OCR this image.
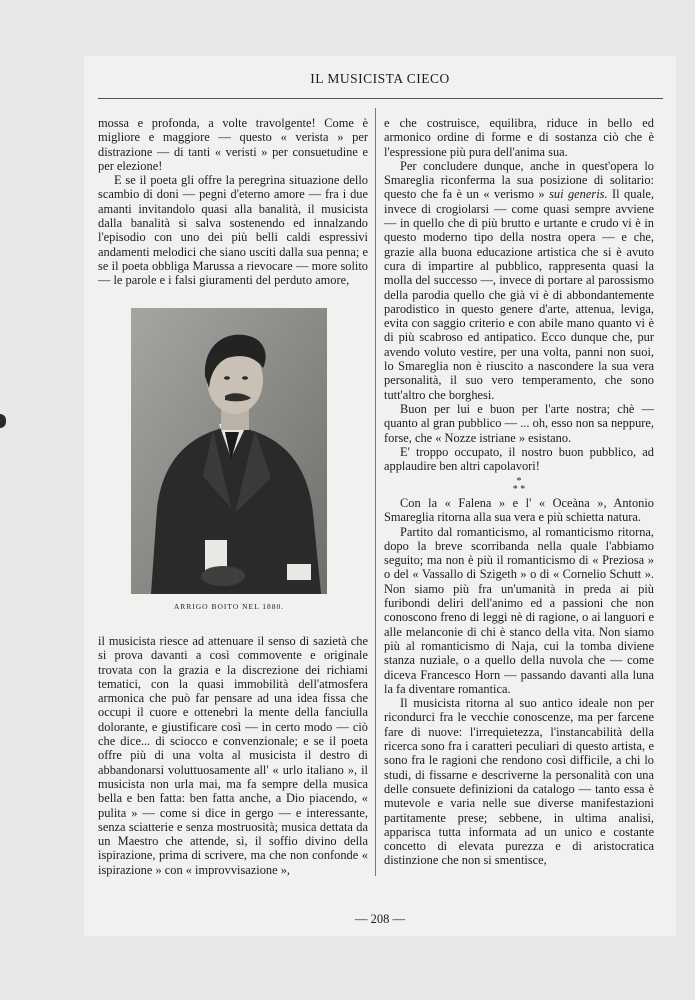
IL MUSICISTA CIECO

mossa e profonda, a volte travolgente! Come è migliore e maggiore — questo « verista » per distrazione — di tanti « veristi » per consuetudine e per elezione!

E se il poeta gli offre la peregrina situazione dello scambio di doni — pegni d'eterno amore — fra i due amanti invitandolo quasi alla banalità, il musicista dalla banalità si salva sostenendo ed innalzando l'episodio con uno dei più belli caldi espressivi andamenti melodici che siano usciti dalla sua penna; e se il poeta obbliga Marussa a rievocare — more solito — le parole e i falsi giuramenti del perduto amore,

ARRIGO BOITO NEL 1880.

il musicista riesce ad attenuare il senso di sazietà che si prova davanti a così commovente e originale trovata con la grazia e la discrezione dei richiami tematici, con la quasi immobilità dell'atmosfera armonica che può far pensare ad una idea fissa che occupi il cuore e ottenebri la mente della fanciulla dolorante, e giustificare così — in certo modo — ciò che dice... di sciocco e convenzionale; e se il poeta offre più di una volta al musicista il destro di abbandonarsi voluttuosamente all' « urlo italiano », il musicista non urla mai, ma fa sempre della musica bella e ben fatta: ben fatta anche, a Dio piacendo, « pulita » — come si dice in gergo — e interessante, senza sciatterie e senza mostruosità; musica dettata da un Maestro che attende, sì, il soffio divino della ispirazione, prima di scrivere, ma che non confonde « ispirazione » con « improvvisazione »,

e che costruisce, equilibra, riduce in bello ed armonico ordine di forme e di sostanza ciò che è l'espressione più pura dell'anima sua.

Per concludere dunque, anche in quest'opera lo Smareglia riconferma la sua posizione di solitario: questo che fa è un « verismo » sui generis. Il quale, invece di crogiolarsi — come quasi sempre avviene — in quello che di più brutto e urtante e crudo vi è in questo moderno tipo della nostra opera — e che, grazie alla buona educazione artistica che si è avuto cura di impartire al pubblico, rappresenta quasi la molla del successo —, invece di portare al parossismo della parodia quello che già vi è di abbondantemente parodistico in questo genere d'arte, attenua, leviga, evita con saggio criterio e con abile mano quanto vi è di più scabroso ed antipatico. Ecco dunque che, pur avendo voluto vestire, per una volta, panni non suoi, lo Smareglia non è riuscito a nascondere la sua vera personalità, il suo vero temperamento, che sono tutt'altro che borghesi.

Buon per lui e buon per l'arte nostra; chè — quanto al gran pubblico — ... oh, esso non sa neppure, forse, che « Nozze istriane » esistano.

E' troppo occupato, il nostro buon pubblico, ad applaudire ben altri capolavori!

*
* *

Con la « Falena » e l' « Oceàna », Antonio Smareglia ritorna alla sua vera e più schietta natura.

Partito dal romanticismo, al romanticismo ritorna, dopo la breve scorribanda nella quale l'abbiamo seguito; ma non è più il romanticismo di « Preziosa » o del « Vassallo di Szigeth » o di « Cornelio Schutt ». Non siamo più fra un'umanità in preda ai più furibondi deliri dell'animo ed a passioni che non conoscono freno di leggi nè di ragione, o ai languori e alle melanconie di chi è stanco della vita. Non siamo più al romanticismo di Naja, cui la tomba diviene stanza nuziale, o a quello della nuvola che — come diceva Francesco Horn — passando davanti alla luna la fa diventare romantica.

Il musicista ritorna al suo antico ideale non per ricondurci fra le vecchie conoscenze, ma per farcene fare di nuove: l'irrequietezza, l'instancabilità della ricerca sono fra i caratteri peculiari di questo artista, e sono fra le ragioni che rendono così difficile, a chi lo studi, di fissarne e descriverne la personalità con una delle consuete definizioni da catalogo — tanto essa è mutevole e varia nelle sue diverse manifestazioni partitamente prese; sebbene, in ultima analisi, apparisca tutta informata ad un unico e costante concetto di elevata purezza e di aristocratica distinzione che non si smentisce,

— 208 —
